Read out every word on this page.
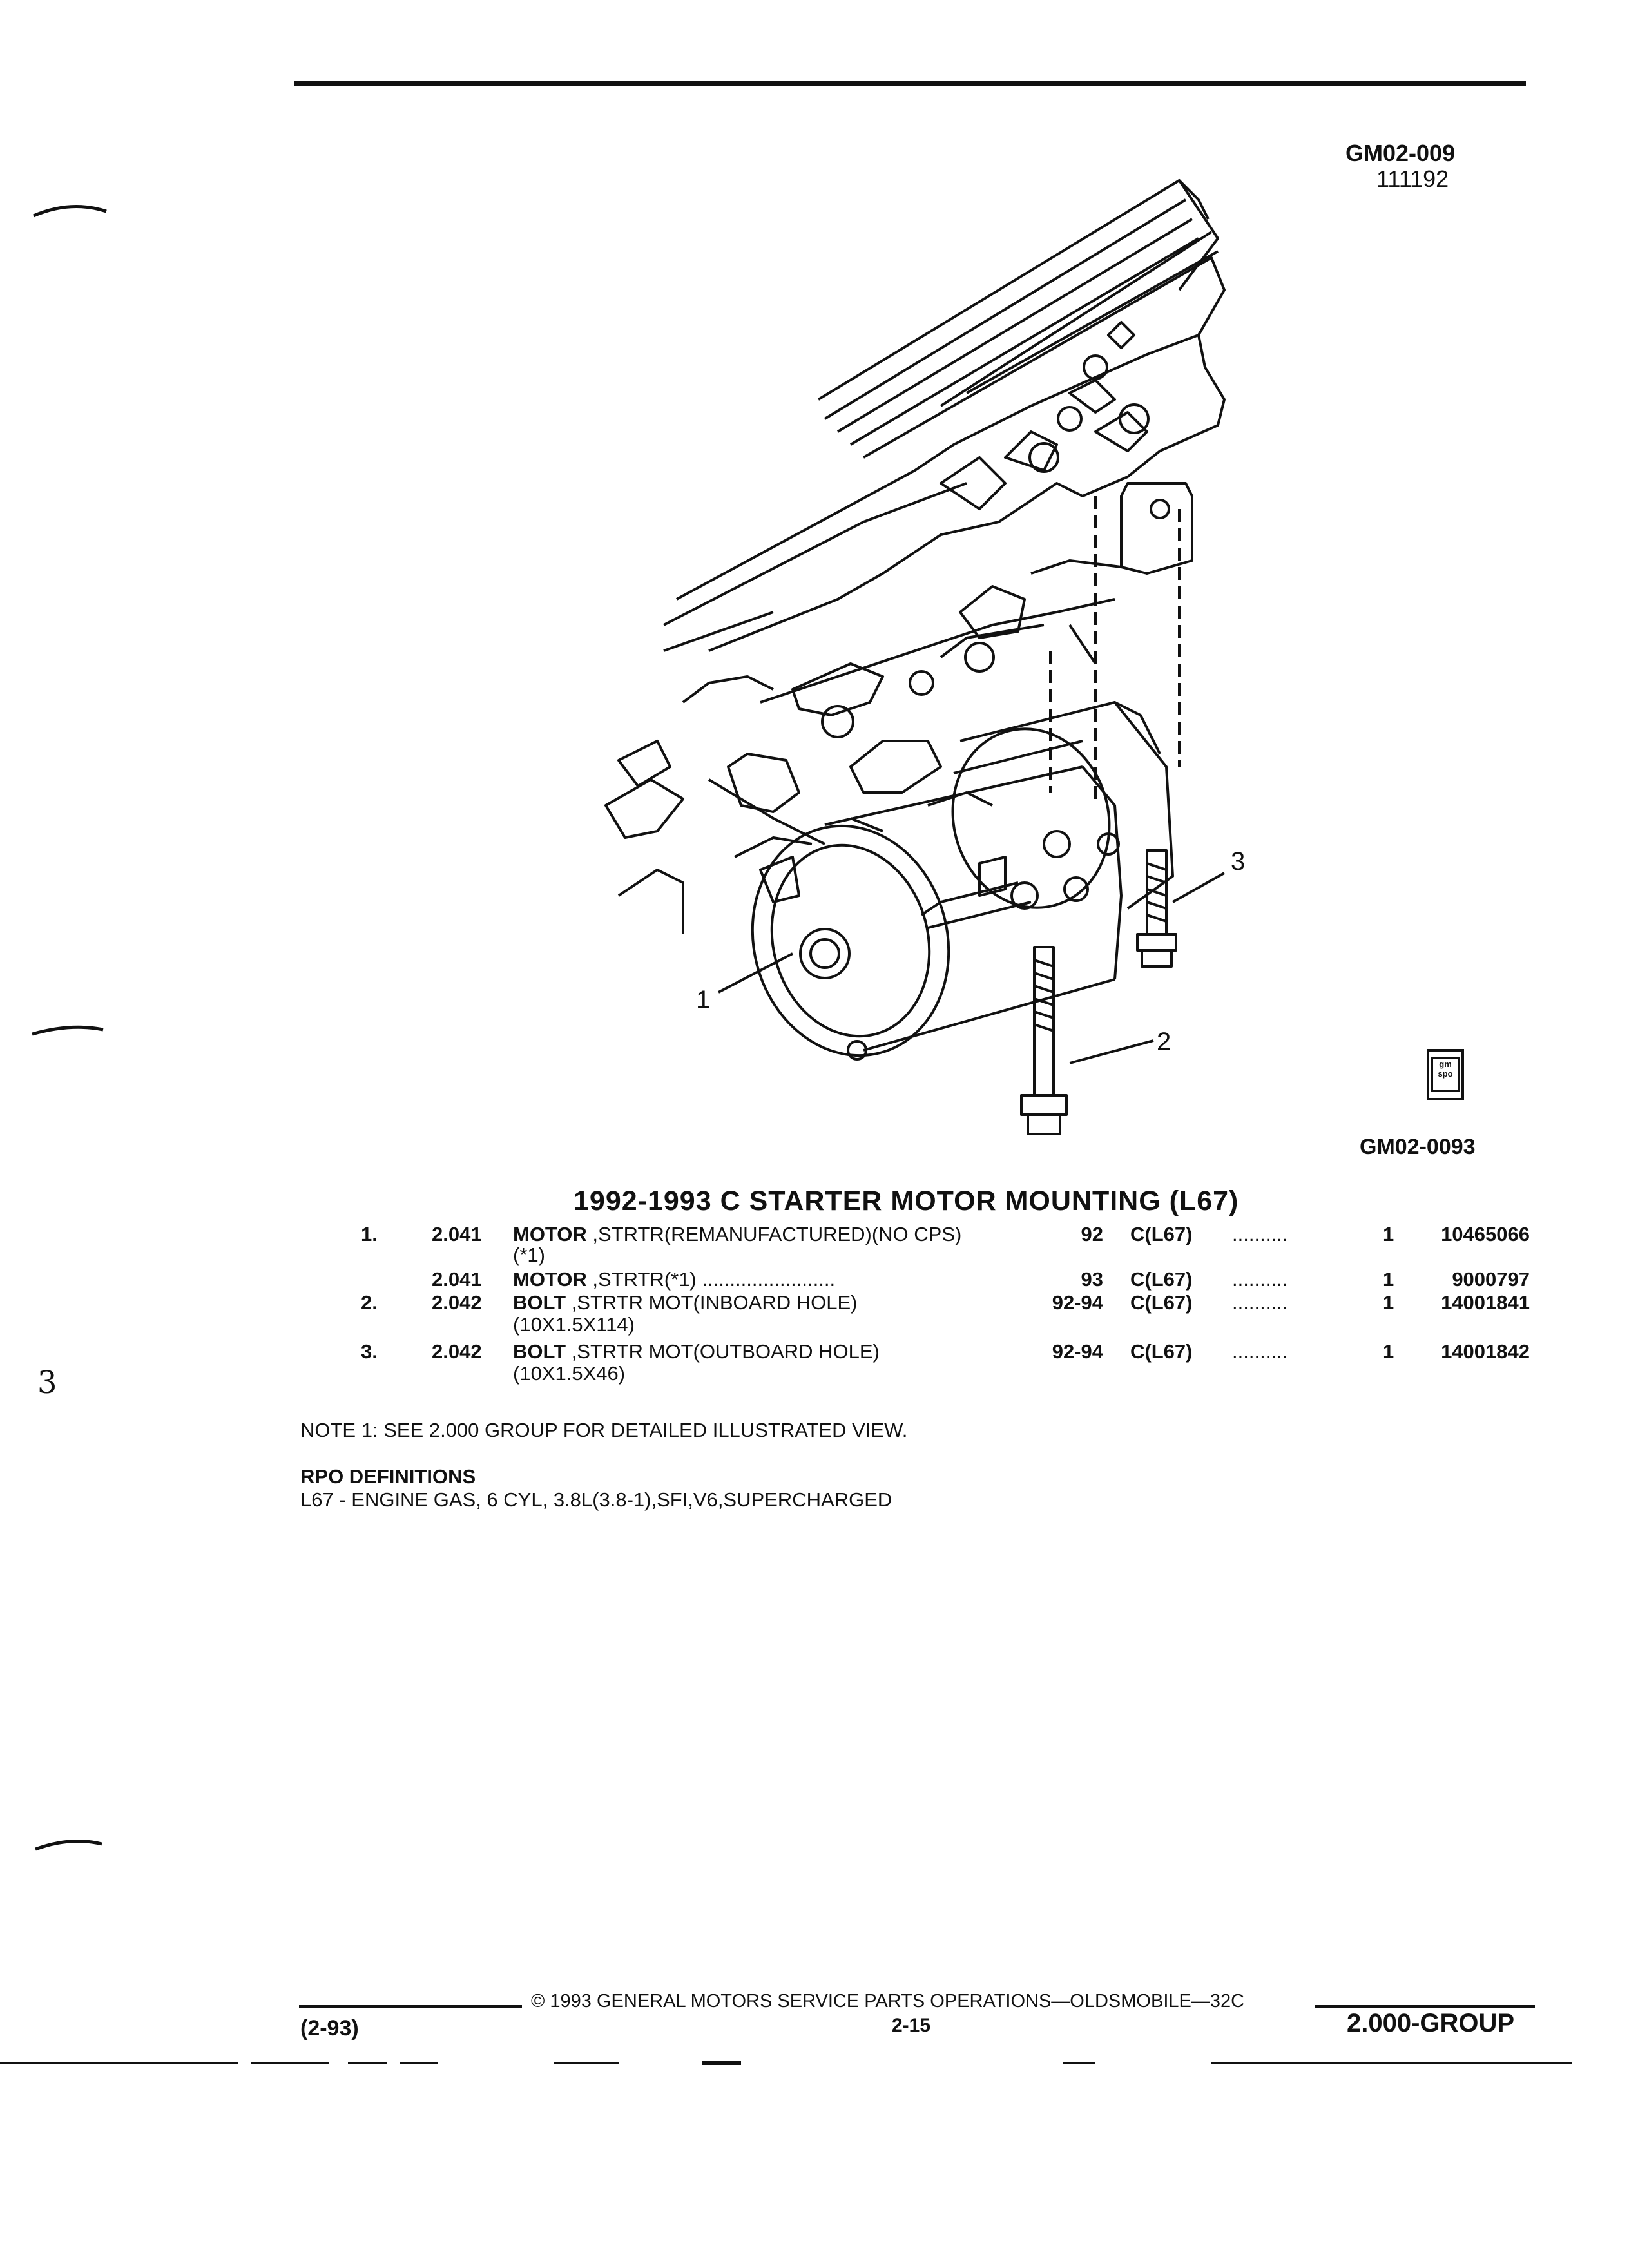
3
GM02-009
111192
1
2
3
gm spo
GM02-0093
1992-1993 C STARTER MOTOR MOUNTING (L67)
1.	2.041 MOTOR ,STRTR(REMANUFACTURED)(NO CPS)
(*1)
92 C(L67) ..........	1	10465066
2.041 MOTOR ,STRTR(*1) ........................	93 C(L67) ..........	1	9000797
2.	2.042 BOLT ,STRTR MOT(INBOARD HOLE)
(10X1.5X114)
92-94 C(L67) ..........	1	14001841
3.	2.042 BOLT ,STRTR MOT(OUTBOARD HOLE)
(10X1.5X46)
92-94 C(L67) ..........	1	14001842
NOTE 1: SEE 2.000 GROUP FOR DETAILED ILLUSTRATED VIEW.
RPO DEFINITIONS
L67 - ENGINE GAS, 6 CYL, 3.8L(3.8-1),SFI,V6,SUPERCHARGED
© 1993 GENERAL MOTORS SERVICE PARTS OPERATIONS—OLDSMOBILE—32C
(2-93)	2-15	2.000-GROUP
